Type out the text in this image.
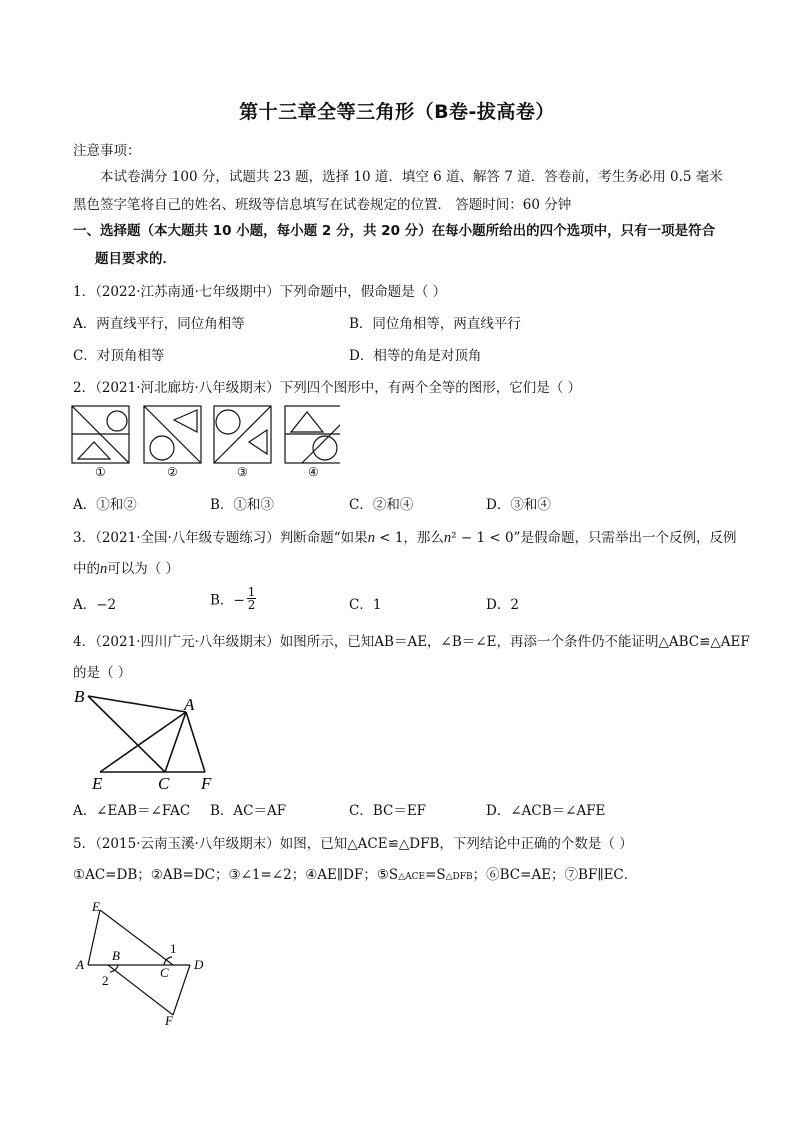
第十三章全等三角形（B卷-拔高卷）
注意事项：
本试卷满分 100 分，试题共 23 题，选择 10 道．填空 6 道、解答 7 道．答卷前，考生务必用 0.5 毫米
黑色签字笔将自己的姓名、班级等信息填写在试卷规定的位置． 答题时间：60 分钟
一、选择题（本大题共 10 小题，每小题 2 分，共 20 分）在每小题所给出的四个选项中，只有一项是符合
题目要求的．
1．（2022·江苏南通·七年级期中）下列命题中，假命题是（ ）
A．两直线平行，同位角相等	B．同位角相等，两直线平行
C．对顶角相等	D．相等的角是对顶角
2．（2021·河北廊坊·八年级期末）下列四个图形中，有两个全等的图形，它们是（ ）
①	②	③	④
A．①和②	B．①和③	C．②和④	D．③和④
3．（2021·全国·八年级专题练习）判断命题“如果n < 1，那么n² − 1 < 0”是假命题，只需举出一个反例，反例
中的n可以为（ ）
A．−2	B．− $\frac{1}{2}$	C．1	D．2
4．（2021·四川广元·八年级期末）如图所示，已知AB＝AE，∠B＝∠E，再添一个条件仍不能证明△ABC≌△AEF
的是（ ）
B	A
E	C F
A．∠EAB＝∠FAC B．AC＝AF	C．BC＝EF	D．∠ACB＝∠AFE
5．（2015·云南玉溪·八年级期末）如图，已知△ACE≌△DFB，下列结论中正确的个数是（ ）
①AC=DB；②AB=DC；③∠1=∠2；④AE∥DF；⑤S△ACE=S△DFB；⑥BC=AE；⑦BF∥EC．
E
A
B	1
C
D
2
F
